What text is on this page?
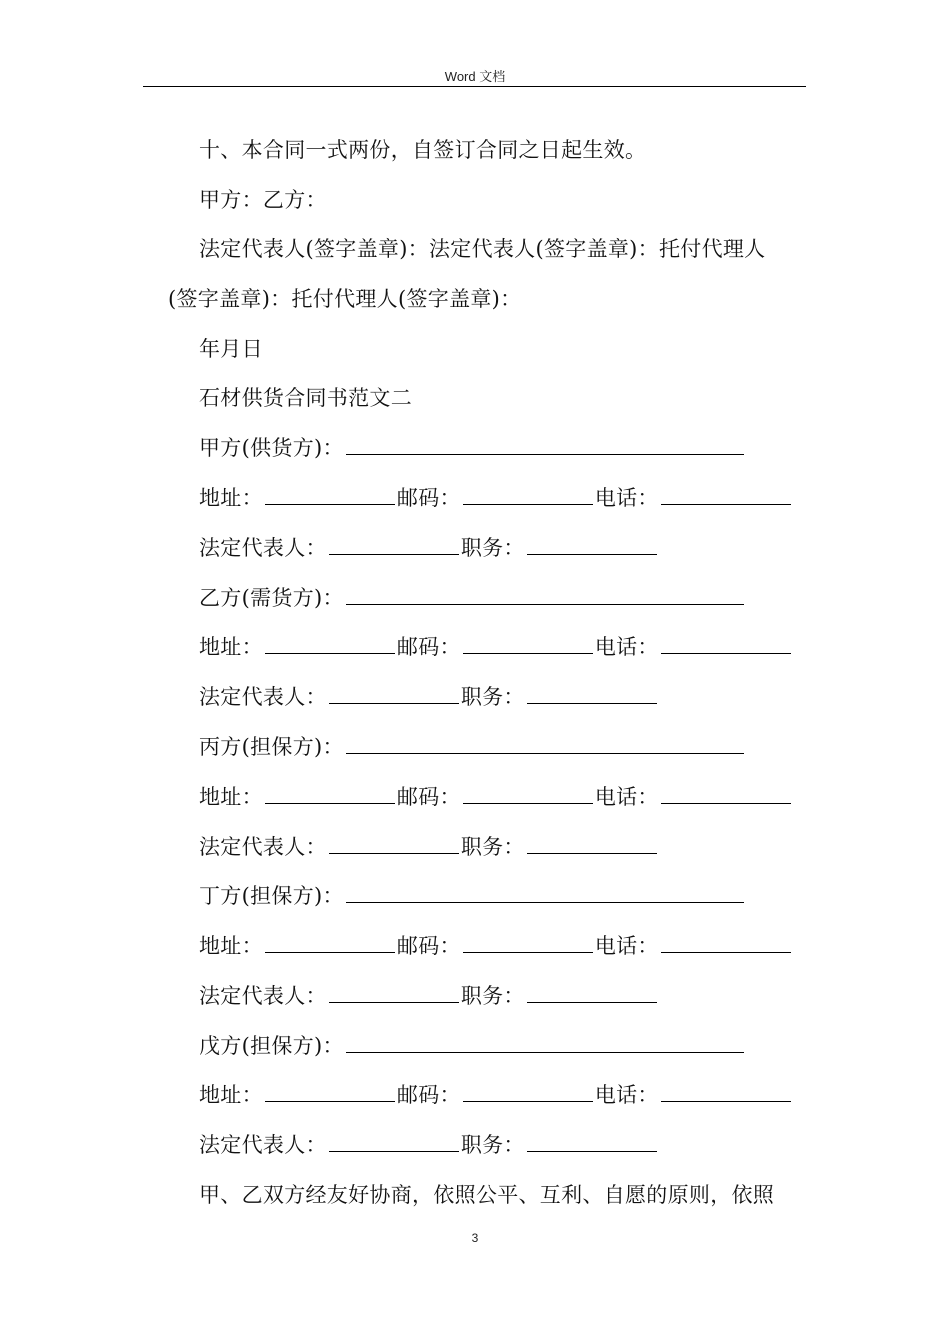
Word 文档
十、本合同一式两份，自签订合同之日起生效。
甲方：乙方：
法定代表人(签字盖章)：法定代表人(签字盖章)：托付代理人
(签字盖章)：托付代理人(签字盖章)：
年月日
石材供货合同书范文二
甲方(供货方)：
地址：	邮码：	电话：
法定代表人：	职务：
乙方(需货方)：
地址：	邮码：	电话：
法定代表人：	职务：
丙方(担保方)：
地址：	邮码：	电话：
法定代表人：	职务：
丁方(担保方)：
地址：	邮码：	电话：
法定代表人：	职务：
戊方(担保方)：
地址：	邮码：	电话：
法定代表人：	职务：
甲、乙双方经友好协商，依照公平、互利、自愿的原则，依照
3
